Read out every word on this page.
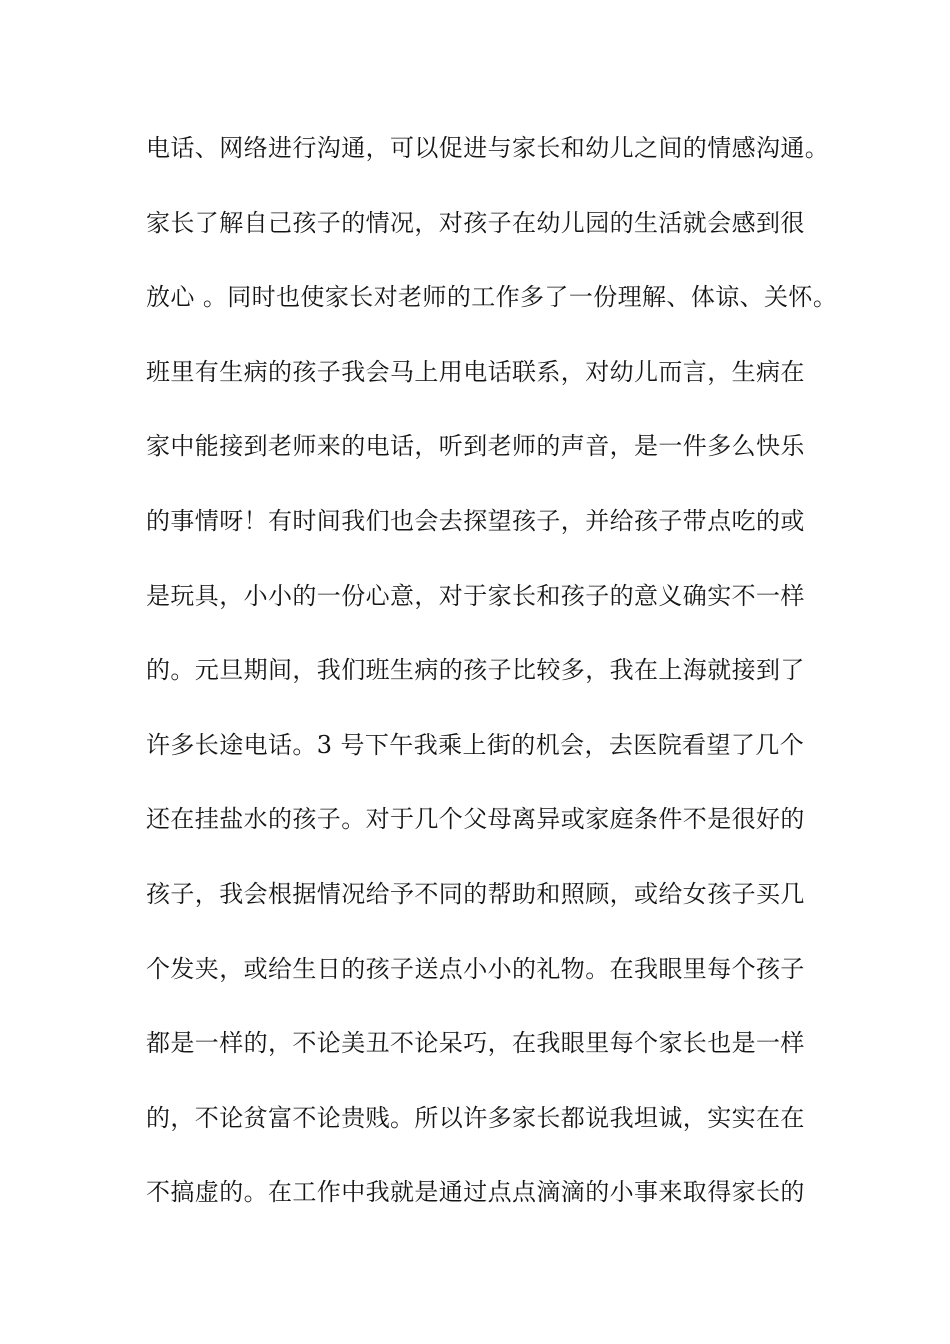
电话、网络进行沟通，可以促进与家长和幼儿之间的情感沟通。
家长了解自己孩子的情况，对孩子在幼儿园的生活就会感到很
放心 。同时也使家长对老师的工作多了一份理解、体谅、关怀。
班里有生病的孩子我会马上用电话联系，对幼儿而言，生病在
家中能接到老师来的电话，听到老师的声音，是一件多么快乐
的事情呀！有时间我们也会去探望孩子，并给孩子带点吃的或
是玩具，小小的一份心意，对于家长和孩子的意义确实不一样
的。元旦期间，我们班生病的孩子比较多，我在上海就接到了
许多长途电话。3 号下午我乘上街的机会，去医院看望了几个
还在挂盐水的孩子。对于几个父母离异或家庭条件不是很好的
孩子，我会根据情况给予不同的帮助和照顾，或给女孩子买几
个发夹，或给生日的孩子送点小小的礼物。在我眼里每个孩子
都是一样的，不论美丑不论呆巧，在我眼里每个家长也是一样
的，不论贫富不论贵贱。所以许多家长都说我坦诚，实实在在
不搞虚的。在工作中我就是通过点点滴滴的小事来取得家长的
